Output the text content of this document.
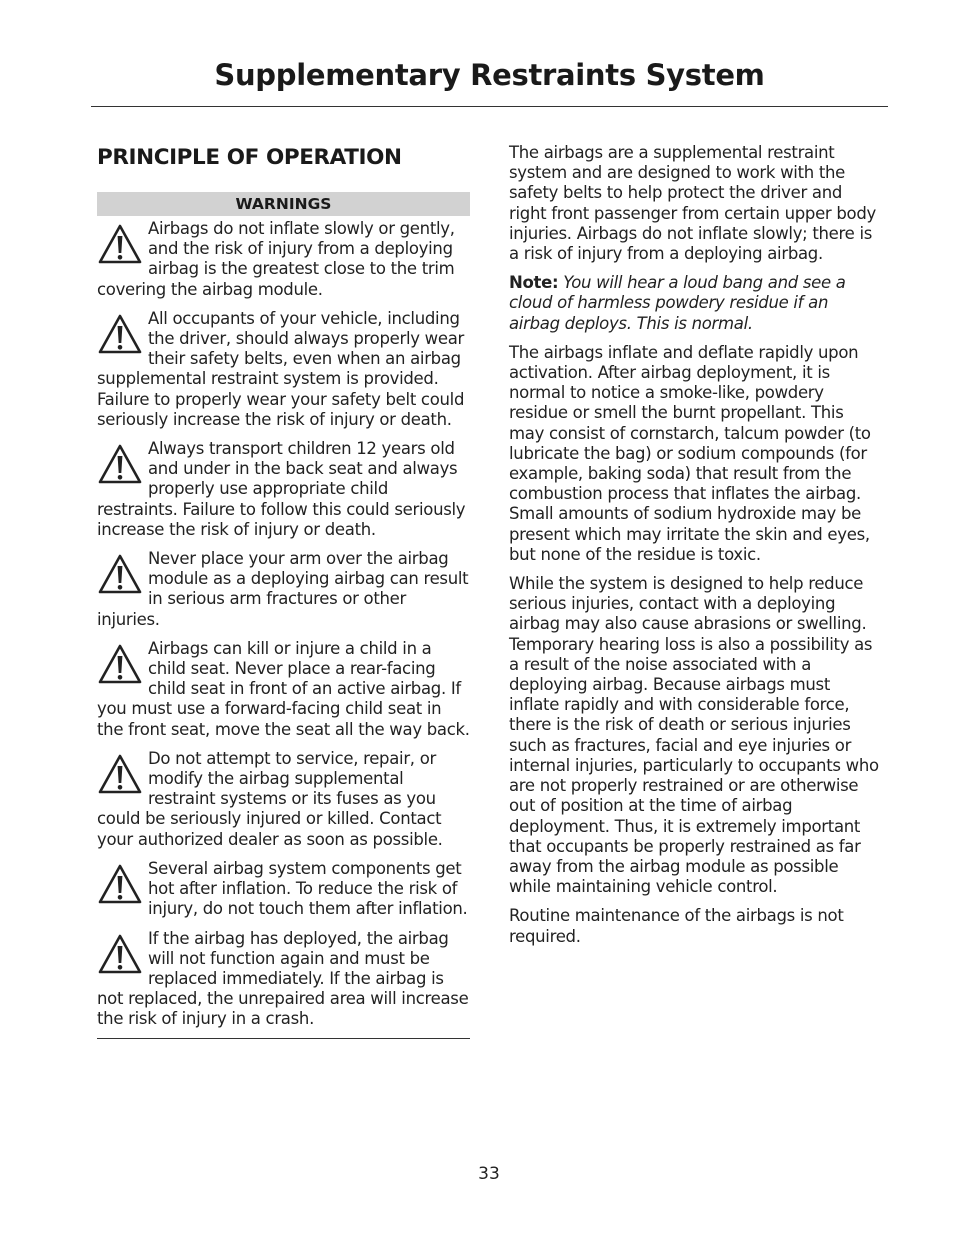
Supplementary Restraints System
PRINCIPLE OF OPERATION
WARNINGS
Airbags do not inflate slowly or gently, and the risk of injury from a deploying airbag is the greatest close to the trim covering the airbag module.
All occupants of your vehicle, including the driver, should always properly wear their safety belts, even when an airbag supplemental restraint system is provided. Failure to properly wear your safety belt could seriously increase the risk of injury or death.
Always transport children 12 years old and under in the back seat and always properly use appropriate child restraints. Failure to follow this could seriously increase the risk of injury or death.
Never place your arm over the airbag module as a deploying airbag can result in serious arm fractures or other injuries.
Airbags can kill or injure a child in a child seat. Never place a rear-facing child seat in front of an active airbag. If you must use a forward-facing child seat in the front seat, move the seat all the way back.
Do not attempt to service, repair, or modify the airbag supplemental restraint systems or its fuses as you could be seriously injured or killed. Contact your authorized dealer as soon as possible.
Several airbag system components get hot after inflation. To reduce the risk of injury, do not touch them after inflation.
If the airbag has deployed, the airbag will not function again and must be replaced immediately. If the airbag is not replaced, the unrepaired area will increase the risk of injury in a crash.

The airbags are a supplemental restraint system and are designed to work with the safety belts to help protect the driver and right front passenger from certain upper body injuries. Airbags do not inflate slowly; there is a risk of injury from a deploying airbag.

Note: You will hear a loud bang and see a cloud of harmless powdery residue if an airbag deploys. This is normal.

The airbags inflate and deflate rapidly upon activation. After airbag deployment, it is normal to notice a smoke-like, powdery residue or smell the burnt propellant. This may consist of cornstarch, talcum powder (to lubricate the bag) or sodium compounds (for example, baking soda) that result from the combustion process that inflates the airbag. Small amounts of sodium hydroxide may be present which may irritate the skin and eyes, but none of the residue is toxic.

While the system is designed to help reduce serious injuries, contact with a deploying airbag may also cause abrasions or swelling. Temporary hearing loss is also a possibility as a result of the noise associated with a deploying airbag. Because airbags must inflate rapidly and with considerable force, there is the risk of death or serious injuries such as fractures, facial and eye injuries or internal injuries, particularly to occupants who are not properly restrained or are otherwise out of position at the time of airbag deployment. Thus, it is extremely important that occupants be properly restrained as far away from the airbag module as possible while maintaining vehicle control.

Routine maintenance of the airbags is not required.

33
